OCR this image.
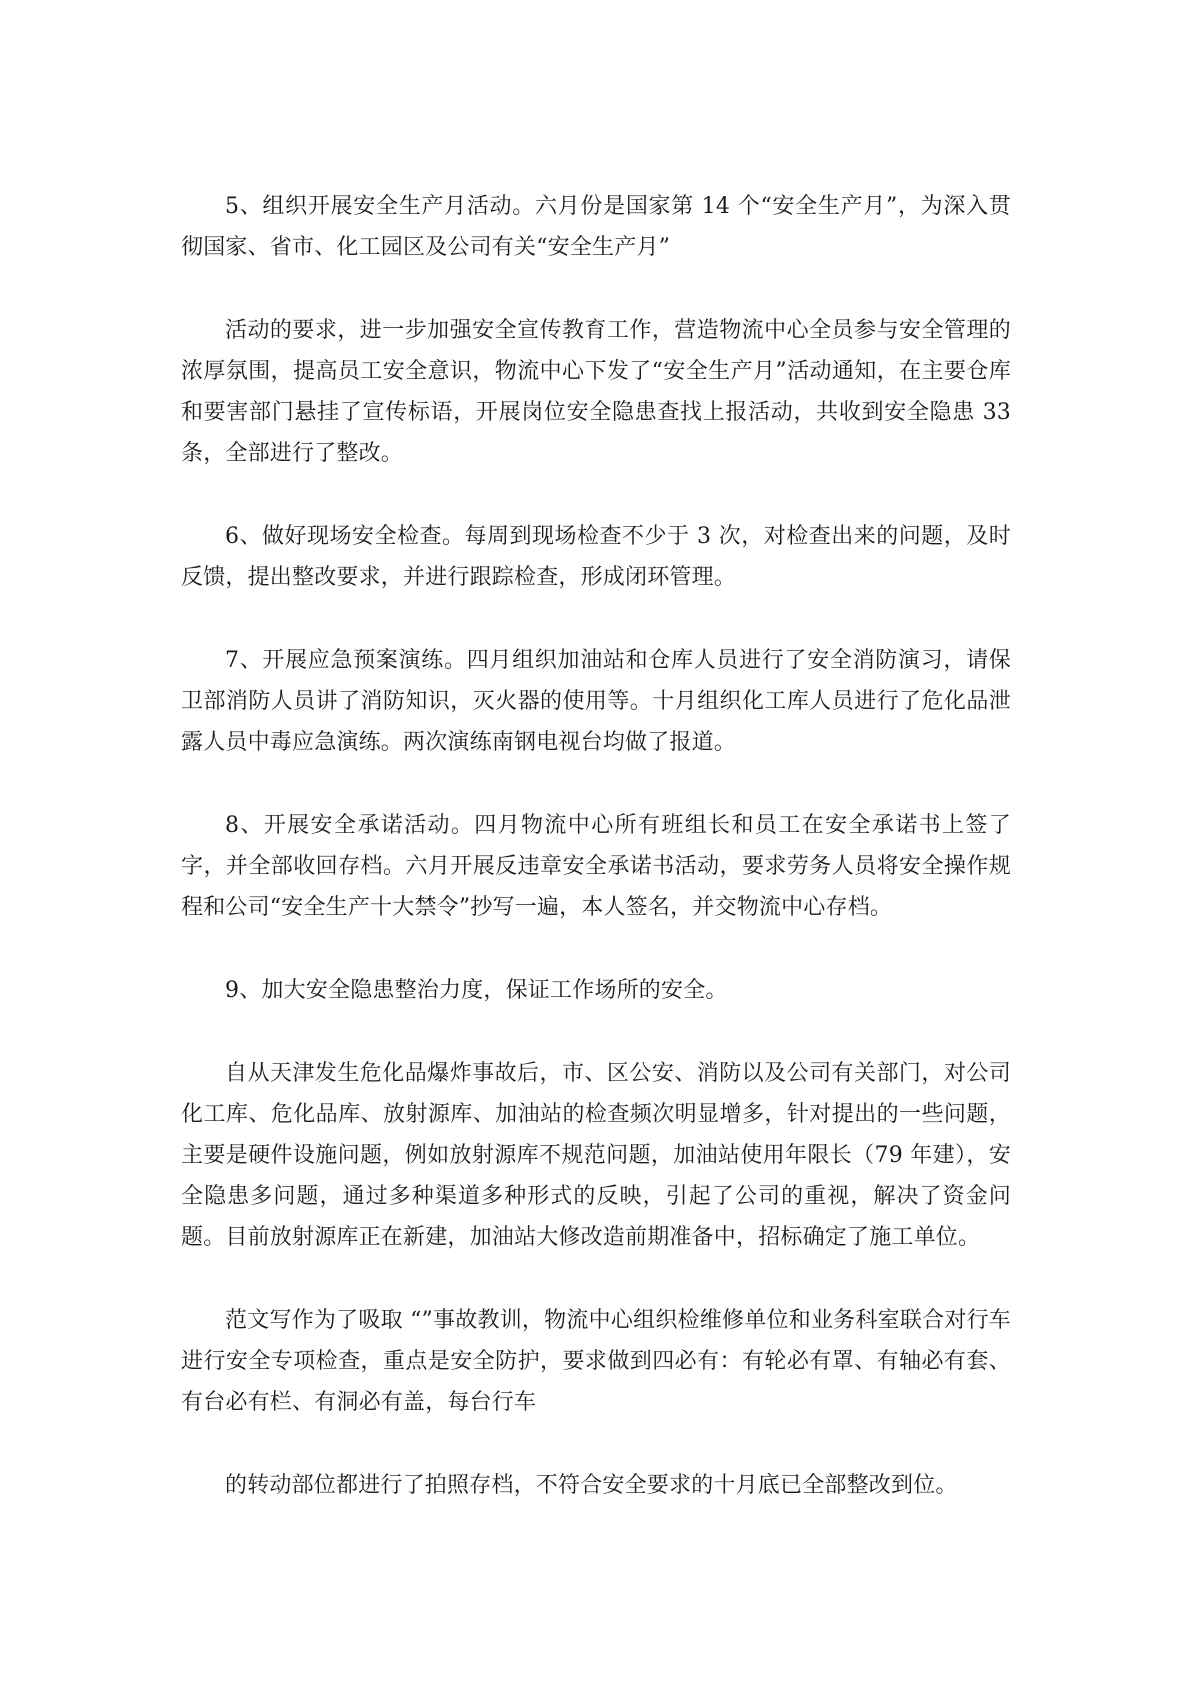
5、组织开展安全生产月活动。六月份是国家第 14 个“安全生产月”，为深入贯彻国家、省市、化工园区及公司有关“安全生产月”

活动的要求，进一步加强安全宣传教育工作，营造物流中心全员参与安全管理的浓厚氛围，提高员工安全意识，物流中心下发了“安全生产月”活动通知，在主要仓库和要害部门悬挂了宣传标语，开展岗位安全隐患查找上报活动，共收到安全隐患 33 条，全部进行了整改。

6、做好现场安全检查。每周到现场检查不少于 3 次，对检查出来的问题，及时反馈，提出整改要求，并进行跟踪检查，形成闭环管理。

7、开展应急预案演练。四月组织加油站和仓库人员进行了安全消防演习，请保卫部消防人员讲了消防知识，灭火器的使用等。十月组织化工库人员进行了危化品泄露人员中毒应急演练。两次演练南钢电视台均做了报道。

8、开展安全承诺活动。四月物流中心所有班组长和员工在安全承诺书上签了字，并全部收回存档。六月开展反违章安全承诺书活动，要求劳务人员将安全操作规程和公司“安全生产十大禁令”抄写一遍，本人签名，并交物流中心存档。

9、加大安全隐患整治力度，保证工作场所的安全。

自从天津发生危化品爆炸事故后，市、区公安、消防以及公司有关部门，对公司化工库、危化品库、放射源库、加油站的检查频次明显增多，针对提出的一些问题，主要是硬件设施问题，例如放射源库不规范问题，加油站使用年限长（79 年建），安全隐患多问题，通过多种渠道多种形式的反映，引起了公司的重视，解决了资金问题。目前放射源库正在新建，加油站大修改造前期准备中，招标确定了施工单位。

范文写作为了吸取 “”事故教训，物流中心组织检维修单位和业务科室联合对行车进行安全专项检查，重点是安全防护，要求做到四必有：有轮必有罩、有轴必有套、有台必有栏、有洞必有盖，每台行车

的转动部位都进行了拍照存档，不符合安全要求的十月底已全部整改到位。
